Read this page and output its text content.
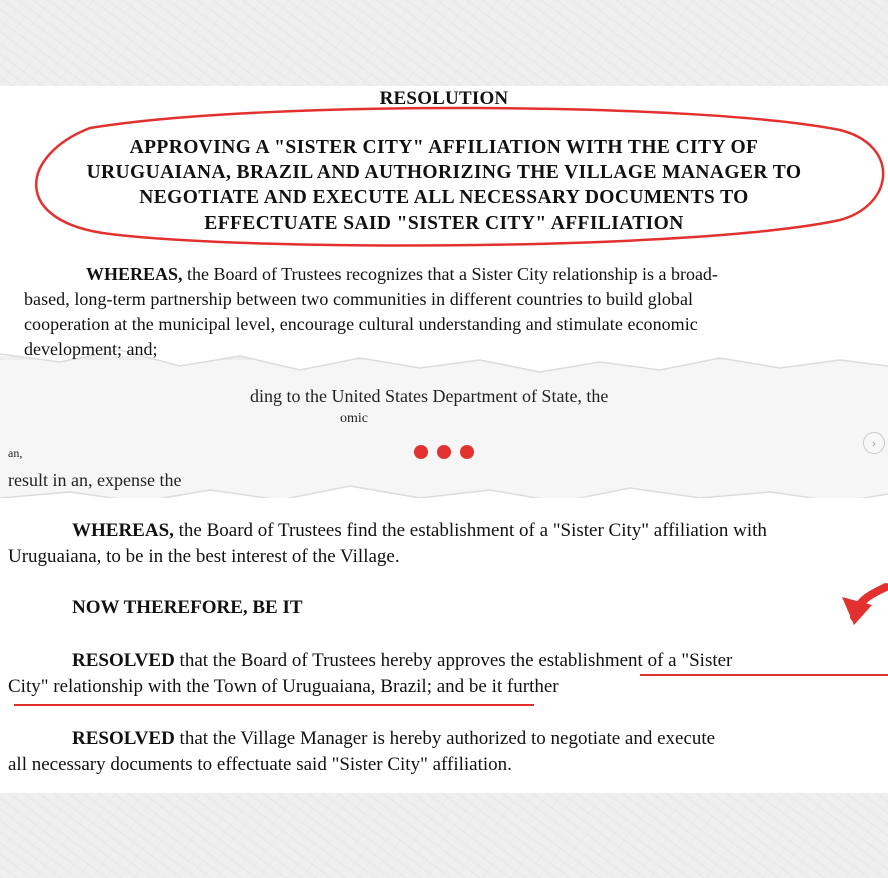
RESOLUTION
APPROVING A "SISTER CITY" AFFILIATION WITH THE CITY OF
URUGUAIANA, BRAZIL AND AUTHORIZING THE VILLAGE MANAGER TO
NEGOTIATE AND EXECUTE ALL NECESSARY DOCUMENTS TO
EFFECTUATE SAID "SISTER CITY" AFFILIATION
WHEREAS, the Board of Trustees recognizes that a Sister City relationship is a broad-
based, long-term partnership between two communities in different countries to build global
cooperation at the municipal level, encourage cultural understanding and stimulate economic
development; and;
ding to the United States Department of State, the
omic
an,
result in an, expense the
›
WHEREAS, the Board of Trustees find the establishment of a "Sister City" affiliation with
Uruguaiana, to be in the best interest of the Village.
NOW THEREFORE, BE IT
RESOLVED that the Board of Trustees hereby approves the establishment of a "Sister
City" relationship with the Town of Uruguaiana, Brazil; and be it further
RESOLVED that the Village Manager is hereby authorized to negotiate and execute
all necessary documents to effectuate said "Sister City" affiliation.
